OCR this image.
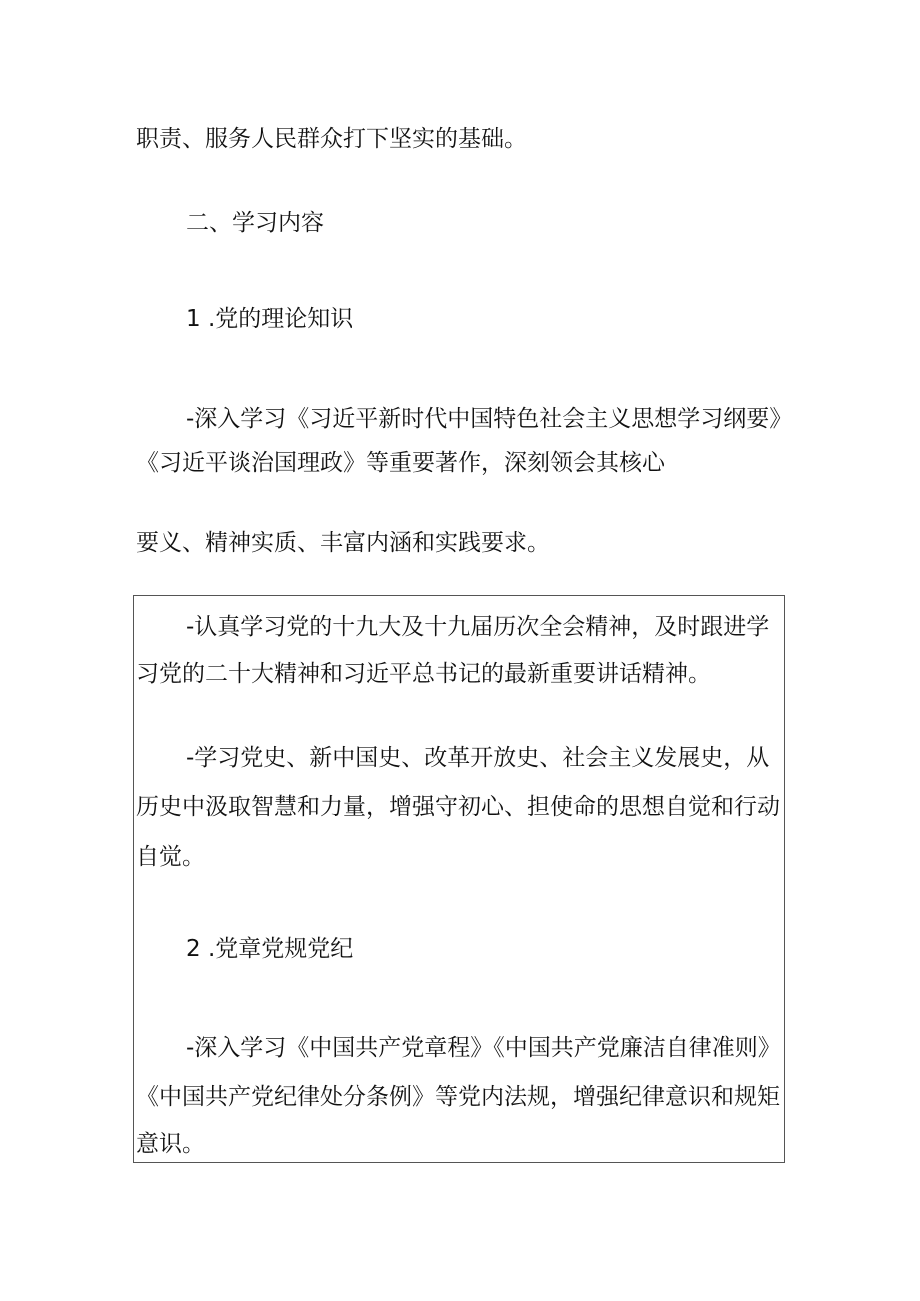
职责、服务人民群众打下坚实的基础。

二、学习内容

1 .党的理论知识

-深入学习《习近平新时代中国特色社会主义思想学习纲要》

《习近平谈治国理政》等重要著作，深刻领会其核心

要义、精神实质、丰富内涵和实践要求。

-认真学习党的十九大及十九届历次全会精神，及时跟进学

习党的二十大精神和习近平总书记的最新重要讲话精神。

-学习党史、新中国史、改革开放史、社会主义发展史，从

历史中汲取智慧和力量，增强守初心、担使命的思想自觉和行动

自觉。

2 .党章党规党纪

-深入学习《中国共产党章程》《中国共产党廉洁自律准则》

《中国共产党纪律处分条例》等党内法规，增强纪律意识和规矩

意识。
